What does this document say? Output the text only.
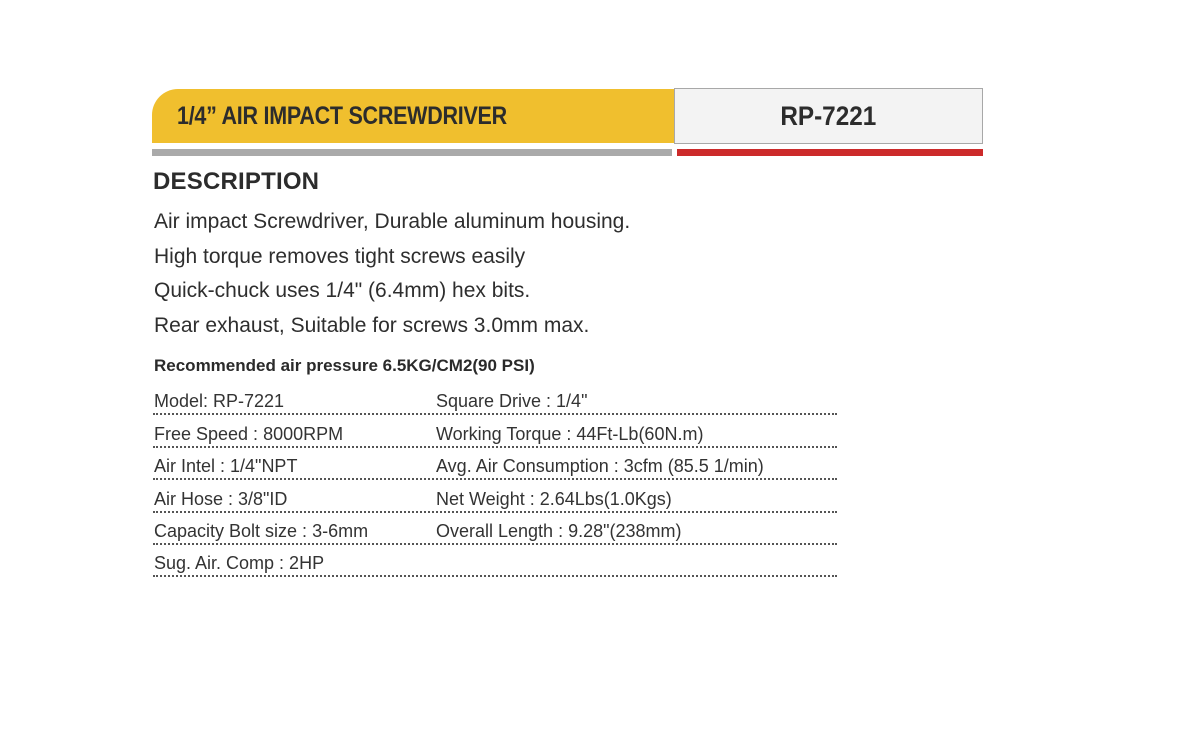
1/4” AIR IMPACT SCREWDRIVER	RP-7221
DESCRIPTION
Air impact Screwdriver, Durable aluminum housing.
High torque removes tight screws easily
Quick-chuck uses 1/4" (6.4mm) hex bits.
Rear exhaust, Suitable for screws 3.0mm max.
Recommended air pressure 6.5KG/CM2(90 PSI)
Model: RP-7221	Square Drive : 1/4"
Free Speed : 8000RPM	Working Torque : 44Ft-Lb(60N.m)
Air Intel : 1/4"NPT	Avg. Air Consumption : 3cfm (85.5 1/min)
Air Hose : 3/8"ID	Net Weight : 2.64Lbs(1.0Kgs)
Capacity Bolt size : 3-6mm	Overall Length : 9.28"(238mm)
Sug. Air. Comp : 2HP
